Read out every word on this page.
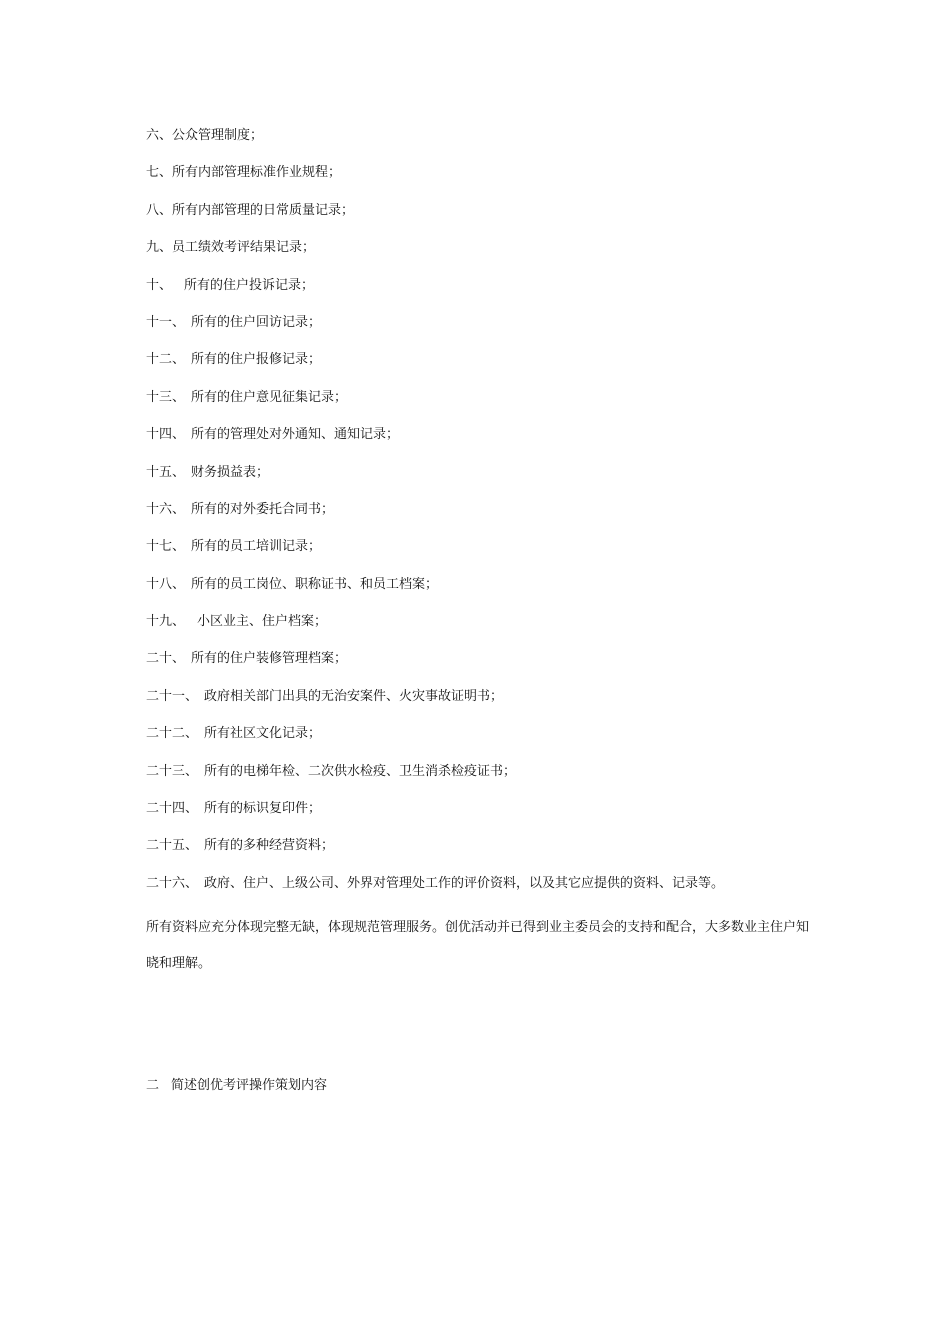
六、公众管理制度；
七、所有内部管理标准作业规程；
八、所有内部管理的日常质量记录；
九、员工绩效考评结果记录；
十、 所有的住户投诉记录；
十一、 所有的住户回访记录；
十二、 所有的住户报修记录；
十三、 所有的住户意见征集记录；
十四、 所有的管理处对外通知、通知记录；
十五、 财务损益表；
十六、 所有的对外委托合同书；
十七、 所有的员工培训记录；
十八、 所有的员工岗位、职称证书、和员工档案；
十九、 小区业主、住户档案；
二十、 所有的住户装修管理档案；
二十一、 政府相关部门出具的无治安案件、火灾事故证明书；
二十二、 所有社区文化记录；
二十三、 所有的电梯年检、二次供水检疫、卫生消杀检疫证书；
二十四、 所有的标识复印件；
二十五、 所有的多种经营资料；
二十六、 政府、住户、上级公司、外界对管理处工作的评价资料，以及其它应提供的资料、记录等。
所有资料应充分体现完整无缺，体现规范管理服务。创优活动并已得到业主委员会的支持和配合，大多数业主住户知晓和理解。
二 简述创优考评操作策划内容
